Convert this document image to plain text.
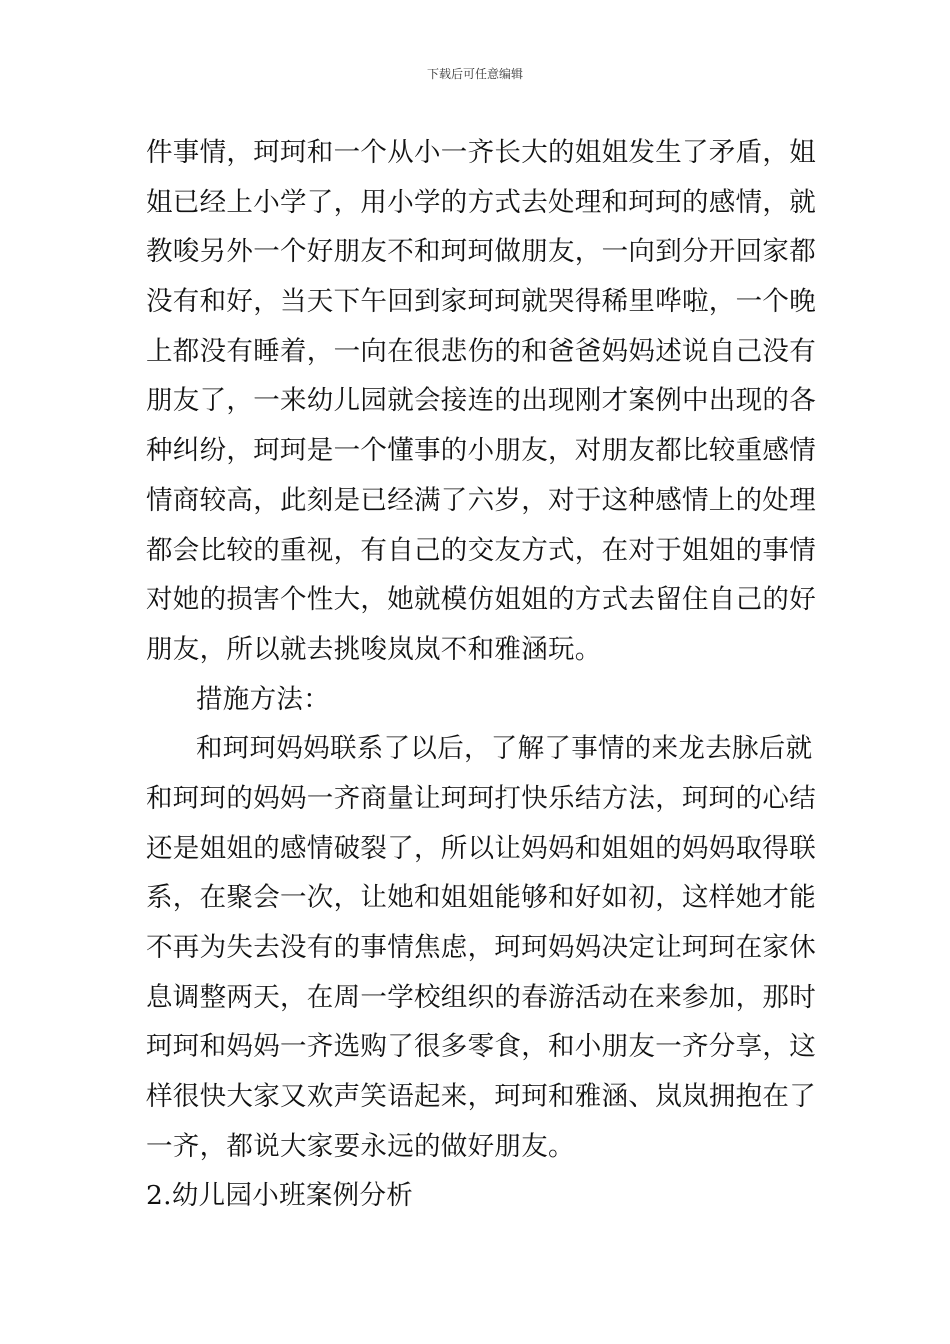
下载后可任意编辑
件事情，珂珂和一个从小一齐长大的姐姐发生了矛盾，姐
姐已经上小学了，用小学的方式去处理和珂珂的感情，就
教唆另外一个好朋友不和珂珂做朋友，一向到分开回家都
没有和好，当天下午回到家珂珂就哭得稀里哗啦，一个晚
上都没有睡着，一向在很悲伤的和爸爸妈妈述说自己没有
朋友了，一来幼儿园就会接连的出现刚才案例中出现的各
种纠纷，珂珂是一个懂事的小朋友，对朋友都比较重感情
情商较高，此刻是已经满了六岁，对于这种感情上的处理
都会比较的重视，有自己的交友方式，在对于姐姐的事情
对她的损害个性大，她就模仿姐姐的方式去留住自己的好
朋友，所以就去挑唆岚岚不和雅涵玩。
措施方法：
和珂珂妈妈联系了以后，了解了事情的来龙去脉后就
和珂珂的妈妈一齐商量让珂珂打快乐结方法，珂珂的心结
还是姐姐的感情破裂了，所以让妈妈和姐姐的妈妈取得联
系，在聚会一次，让她和姐姐能够和好如初，这样她才能
不再为失去没有的事情焦虑，珂珂妈妈决定让珂珂在家休
息调整两天，在周一学校组织的春游活动在来参加，那时
珂珂和妈妈一齐选购了很多零食，和小朋友一齐分享，这
样很快大家又欢声笑语起来，珂珂和雅涵、岚岚拥抱在了
一齐，都说大家要永远的做好朋友。
2.幼儿园小班案例分析
